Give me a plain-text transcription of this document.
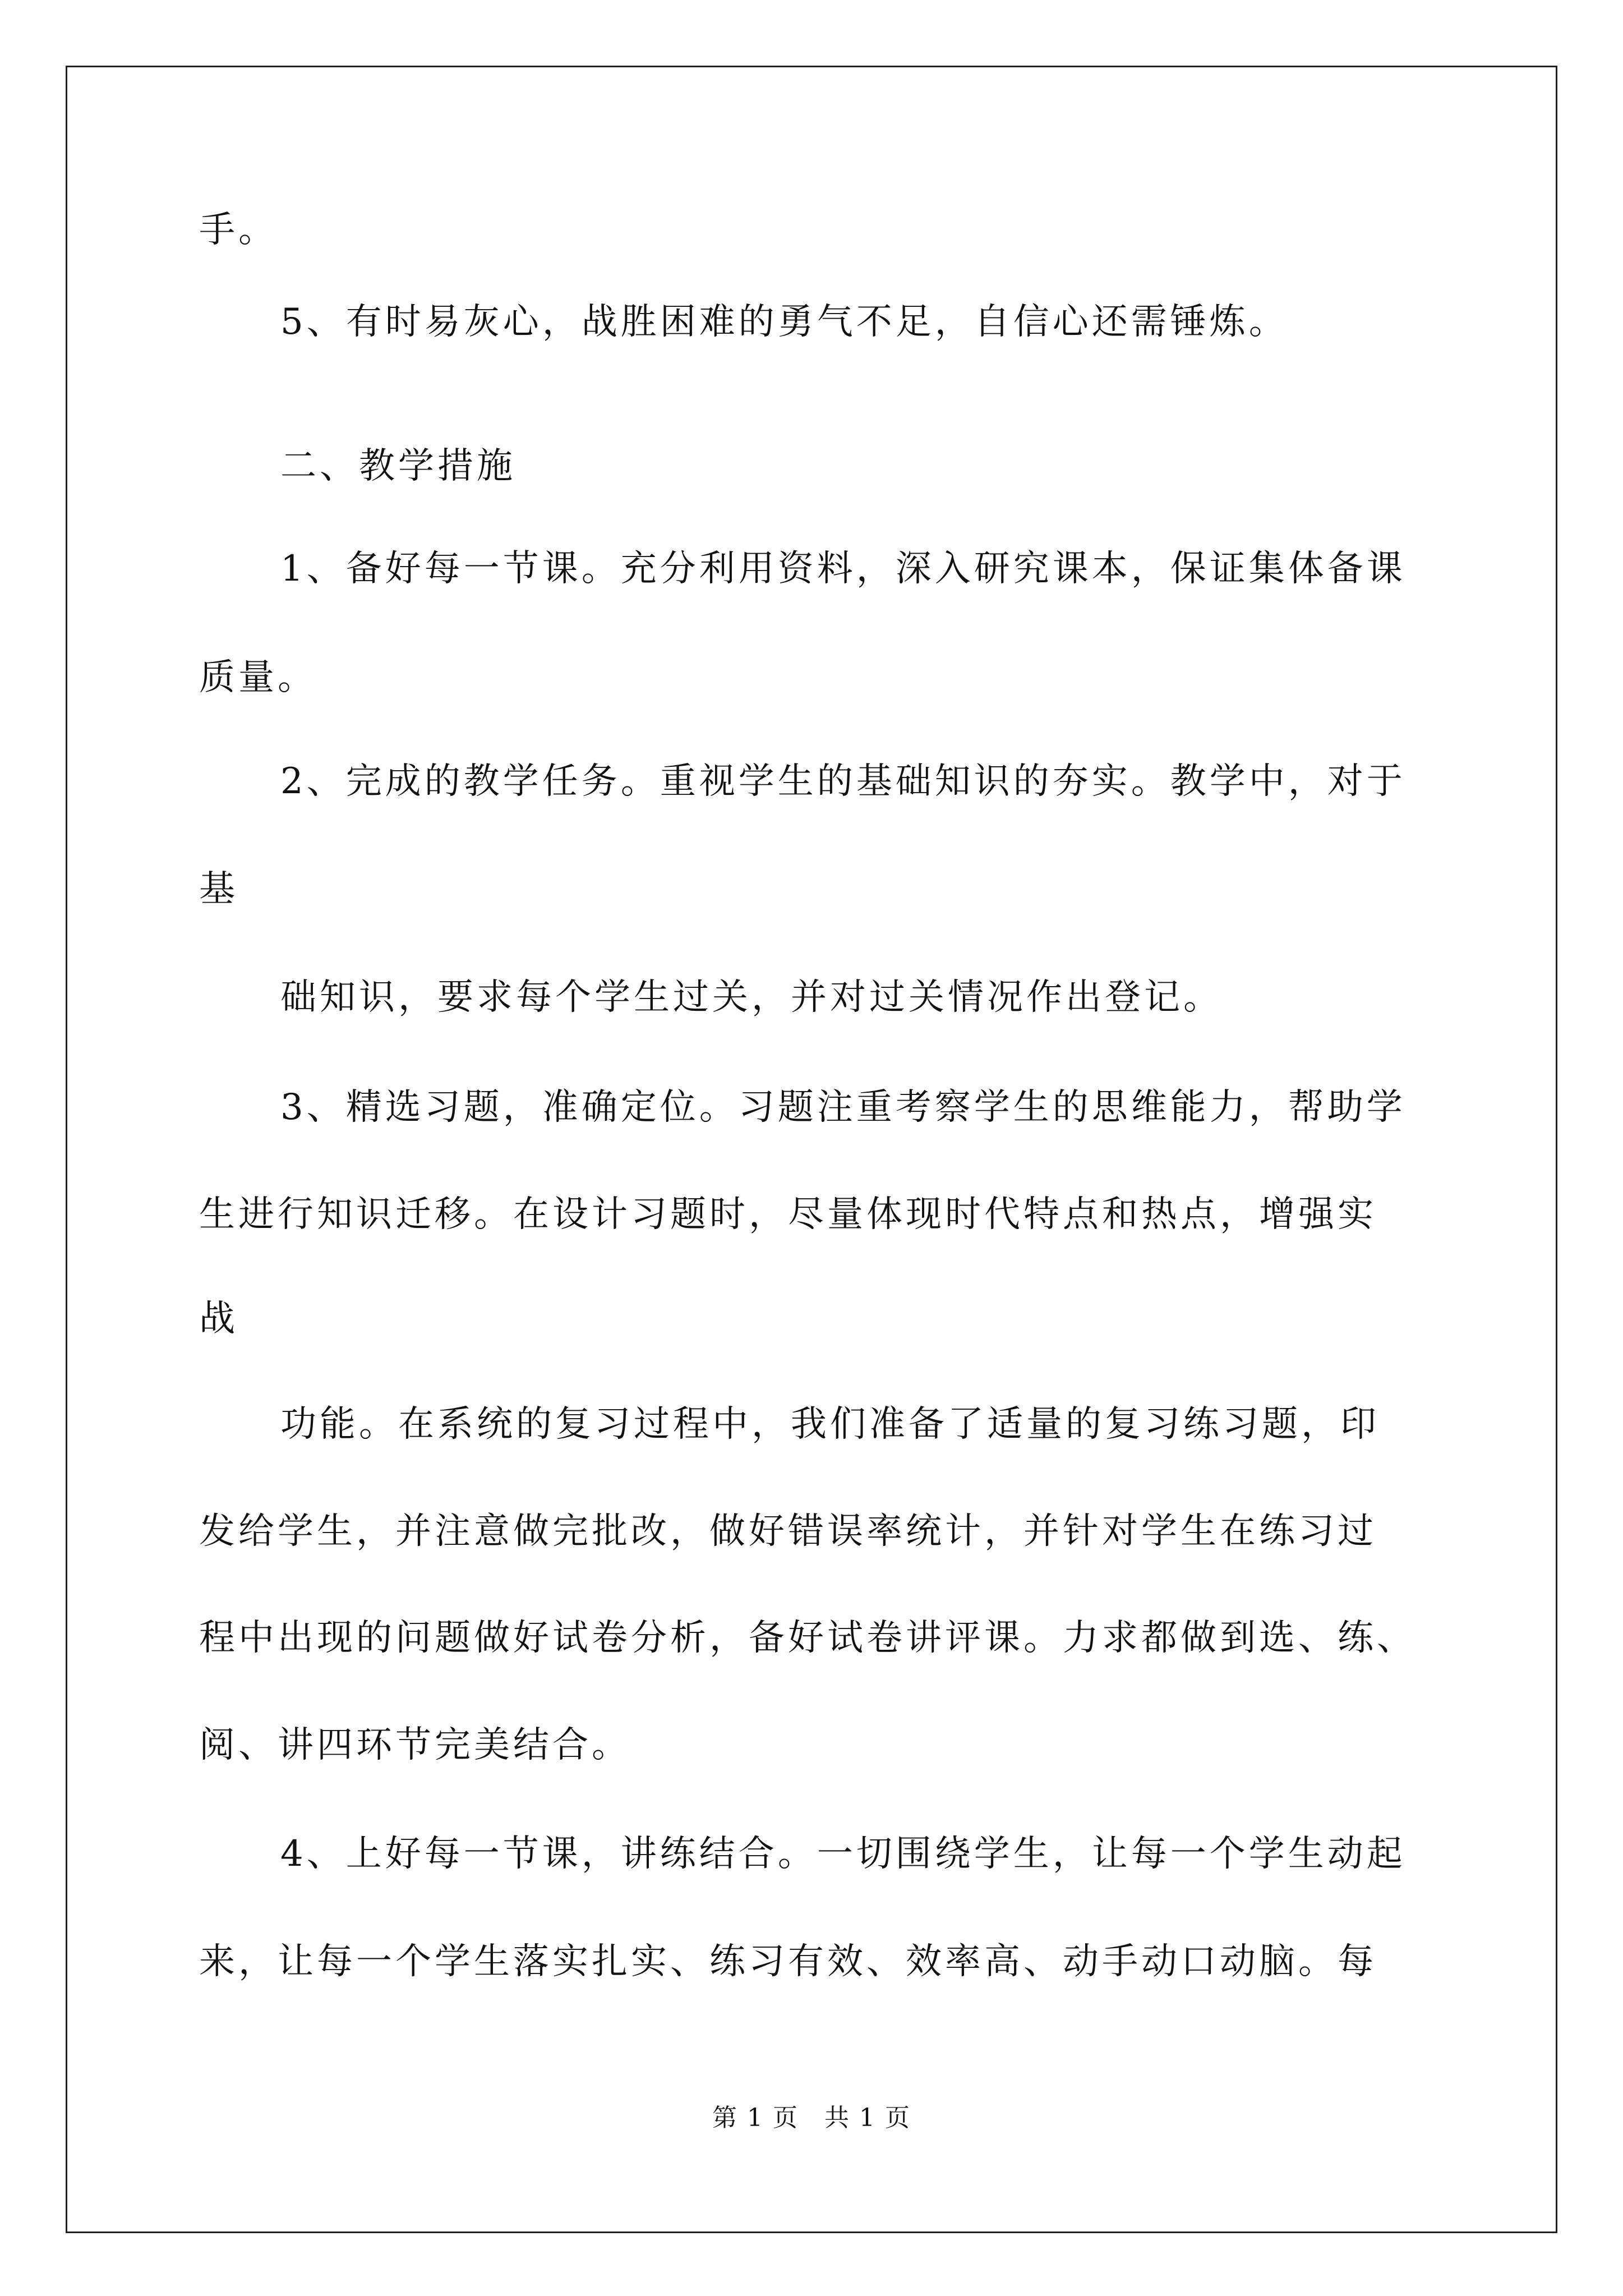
手。
5、有时易灰心，战胜困难的勇气不足，自信心还需锤炼。
二、教学措施
1、备好每一节课。充分利用资料，深入研究课本，保证集体备课
质量。
2、完成的教学任务。重视学生的基础知识的夯实。教学中，对于
基
础知识，要求每个学生过关，并对过关情况作出登记。
3、精选习题，准确定位。习题注重考察学生的思维能力，帮助学
生进行知识迁移。在设计习题时，尽量体现时代特点和热点，增强实
战
功能。在系统的复习过程中，我们准备了适量的复习练习题，印
发给学生，并注意做完批改，做好错误率统计，并针对学生在练习过
程中出现的问题做好试卷分析，备好试卷讲评课。力求都做到选、练、
阅、讲四环节完美结合。
4、上好每一节课，讲练结合。一切围绕学生，让每一个学生动起
来，让每一个学生落实扎实、练习有效、效率高、动手动口动脑。每
第 1 页　共 1 页
